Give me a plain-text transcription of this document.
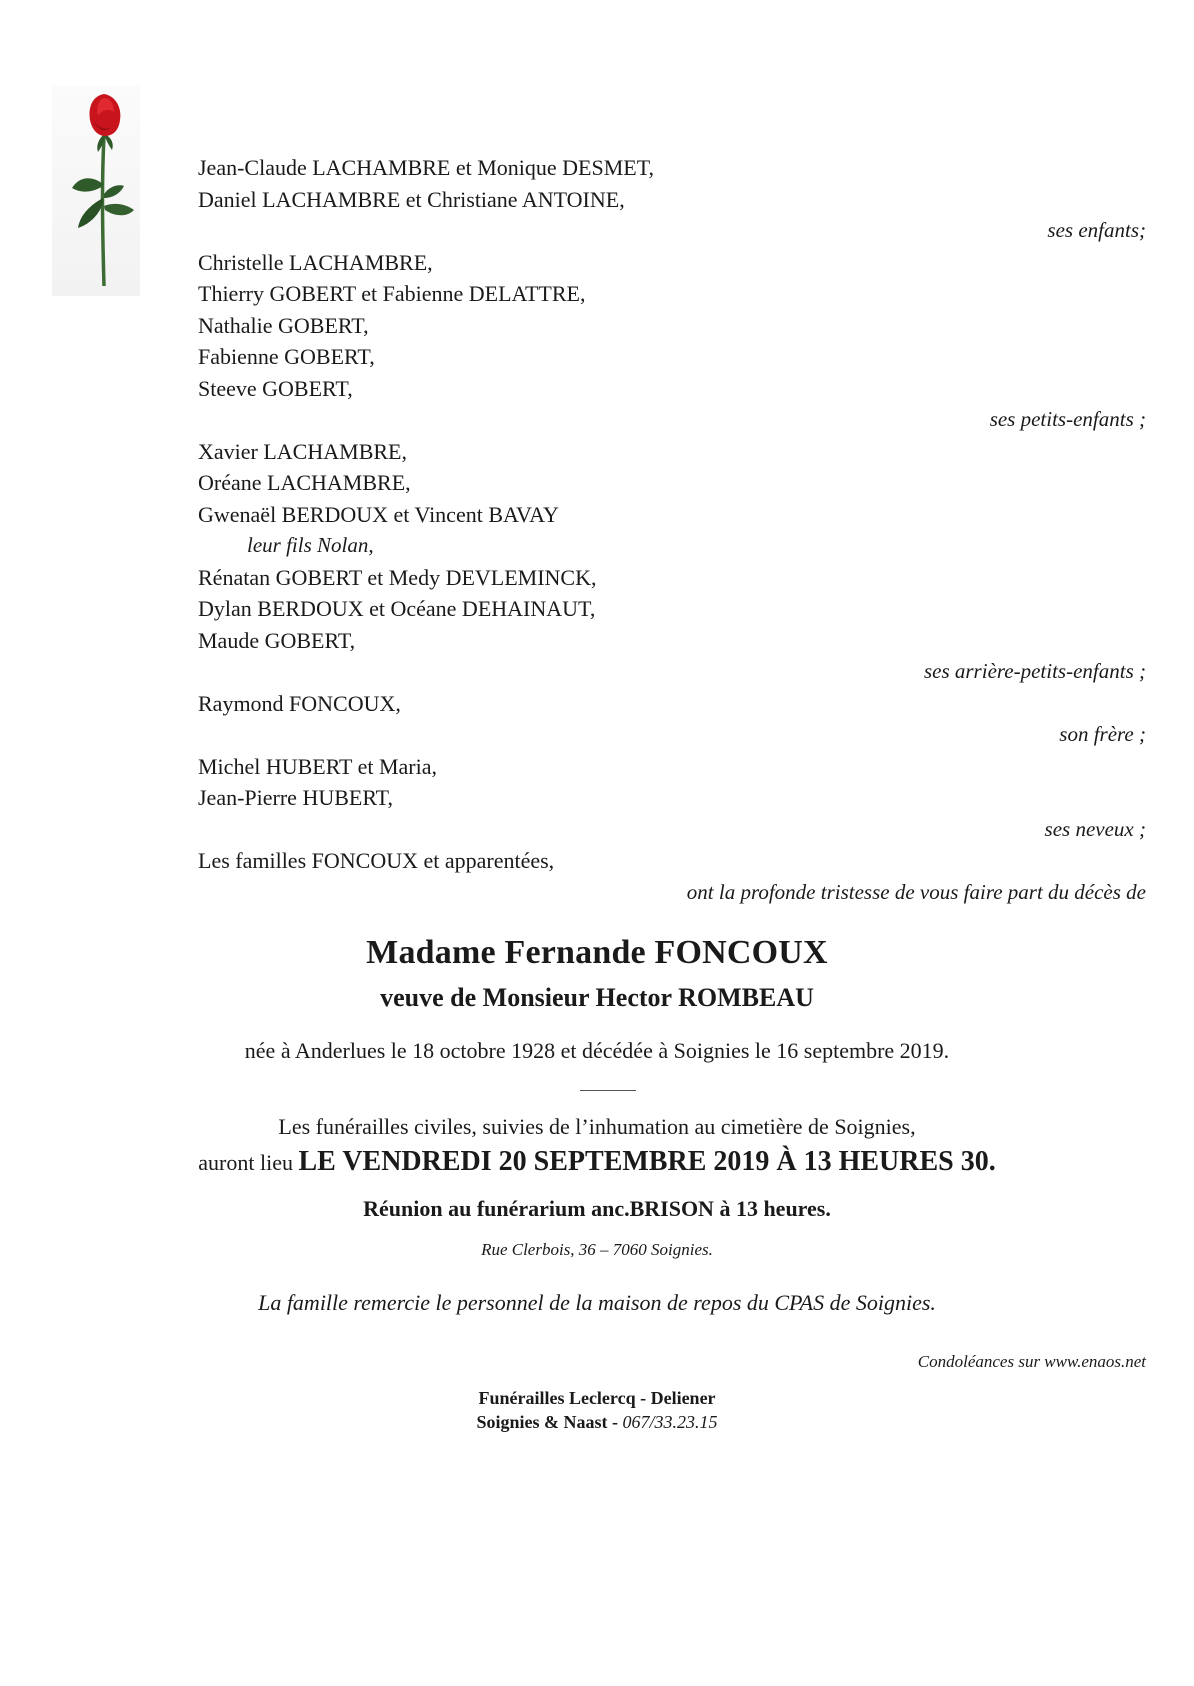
Jean-Claude LACHAMBRE et Monique DESMET,
Daniel LACHAMBRE et Christiane ANTOINE,
ses enfants;
Christelle LACHAMBRE,
Thierry GOBERT et Fabienne DELATTRE,
Nathalie GOBERT,
Fabienne GOBERT,
Steeve GOBERT,
ses petits-enfants ;
Xavier LACHAMBRE,
Oréane LACHAMBRE,
Gwenaël BERDOUX et Vincent BAVAY
leur fils Nolan,
Rénatan GOBERT et Medy DEVLEMINCK,
Dylan BERDOUX et Océane DEHAINAUT,
Maude GOBERT,
ses arrière-petits-enfants ;
Raymond FONCOUX,
son frère ;
Michel HUBERT et Maria,
Jean-Pierre HUBERT,
ses neveux ;
Les familles FONCOUX et apparentées,
ont la profonde tristesse de vous faire part du décès de
Madame Fernande FONCOUX
veuve de Monsieur Hector ROMBEAU
née à Anderlues le 18 octobre 1928 et décédée à Soignies le 16 septembre 2019.
Les funérailles civiles, suivies de l’inhumation au cimetière de Soignies,
auront lieu LE VENDREDI 20 SEPTEMBRE 2019 À 13 HEURES 30.
Réunion au funérarium anc.BRISON à 13 heures.
Rue Clerbois, 36 – 7060 Soignies.
La famille remercie le personnel de la maison de repos du CPAS de Soignies.
Condoléances sur www.enaos.net
Funérailles Leclercq - Deliener
Soignies & Naast - 067/33.23.15
